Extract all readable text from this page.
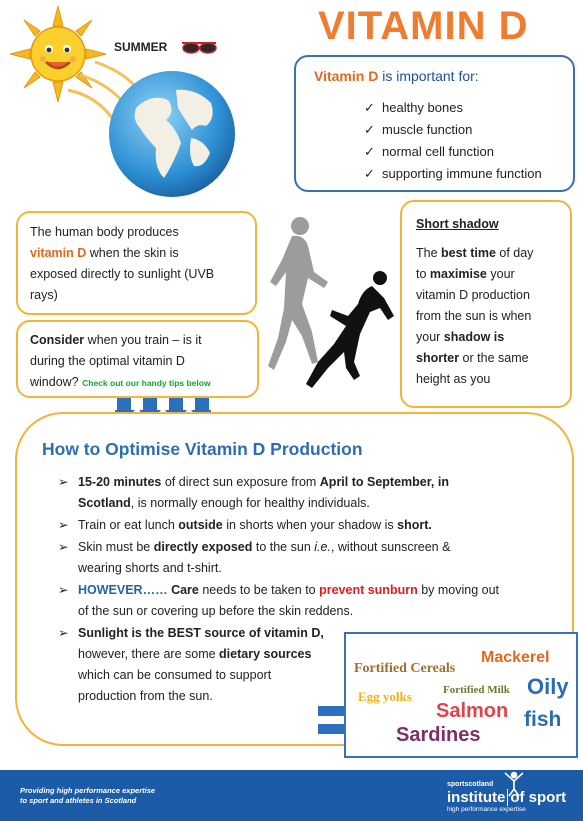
VITAMIN D
SUMMER
Vitamin D is important for:
✓ healthy bones
✓ muscle function
✓ normal cell function
✓ supporting immune function
The human body produces
vitamin D when the skin is
exposed directly to sunlight (UVB
rays)
Consider when you train – is it
during the optimal vitamin D
window? Check out our handy tips below
Short shadow
The best time of day
to maximise your
vitamin D production
from the sun is when
your shadow is
shorter or the same
height as you
How to Optimise Vitamin D Production
➢ 15-20 minutes of direct sun exposure from April to September, in
Scotland, is normally enough for healthy individuals.
➢ Train or eat lunch outside in shorts when your shadow is short.
➢ Skin must be directly exposed to the sun i.e., without sunscreen &
wearing shorts and t-shirt.
➢ HOWEVER…… Care needs to be taken to prevent sunburn by moving out
of the sun or covering up before the skin reddens.
➢ Sunlight is the BEST source of vitamin D,
however, there are some dietary sources
which can be consumed to support
production from the sun.
Fortified Cereals
Mackerel
Egg yolks	Fortified Milk Oily
Salmon fish
Sardines
Providing high performance expertise
to sport and athletes in Scotland
sportscotland
institute of sport
high performance expertise
